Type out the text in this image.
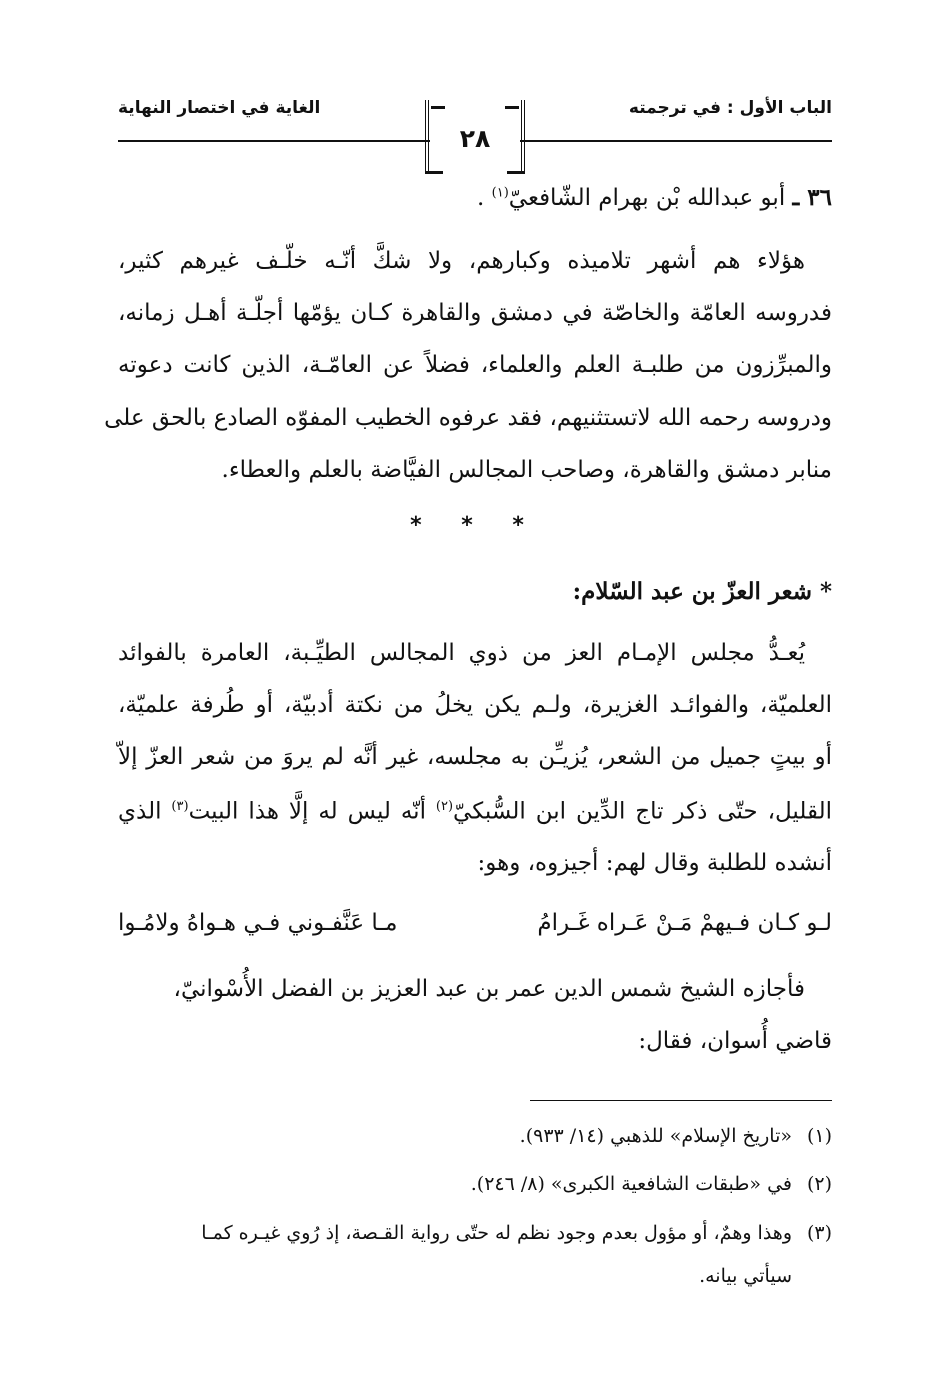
الباب الأول : في ترجمته
الغاية في اختصار النهاية
٢٨
٣٦ ـ أبو عبدالله بْن بهرام الشّافعيّ$^{(١)}$ .
هؤلاء هم أشهر تلاميذه وكبارهم، ولا شكَّ أنّـه خلّـف غيرهم كثير،
فدروسه العامّة والخاصّة في دمشق والقاهرة كـان يؤمّها أجلّـة أهـل زمانه،
والمبرِّزون من طلبـة العلم والعلماء، فضلاً عن العامّـة، الذين كانت دعوته
ودروسه رحمه الله لاتستثنيهم، فقد عرفوه الخطيب المفوّه الصادع بالحق على
منابر دمشق والقاهرة، وصاحب المجالس الفيَّاضة بالعلم والعطاء.
* * *
* شعر العزّ بن عبد السّلام:
يُعـدُّ مجلس الإمـام العز من ذوي المجالس الطيِّـبة، العامرة بالفوائد
العلميّة، والفوائـد الغزيرة، ولـم يكن يخلُ من نكتة أدبيّة، أو طُرفة علميّة،
أو بيتٍ جميل من الشعر، يُزيـِّن به مجلسه، غير أنَّه لم يروَ من شعر العزّ إلاّ
القليل، حتّى ذكر تاج الدِّين ابن السُّبكيّ$^{(٢)}$ أنّه ليس له إلَّا هذا البيت$^{(٣)}$ الذي
أنشده للطلبة وقال لهم: أجيزوه، وهو:
لـو كـان فـيهمْ مَـنْ عَـراه غَـرامُ
مـا عَنَّفـوني فـي هـواهُ ولامُـوا
فأجازه الشيخ شمس الدين عمر بن عبد العزيز بن الفضل الأُسْوانيّ،
قاضي أُسوان، فقال:
(١)«تاريخ الإسلام» للذهبي (١٤/ ٩٣٣).
(٢)في «طبقات الشافعية الكبرى» (٨/ ٢٤٦).
(٣)وهذا وهمٌ، أو مؤول بعدم وجود نظم له حتّى رواية القـصة، إذ رُوي غيـره كمـا
سيأتي بيانه.
